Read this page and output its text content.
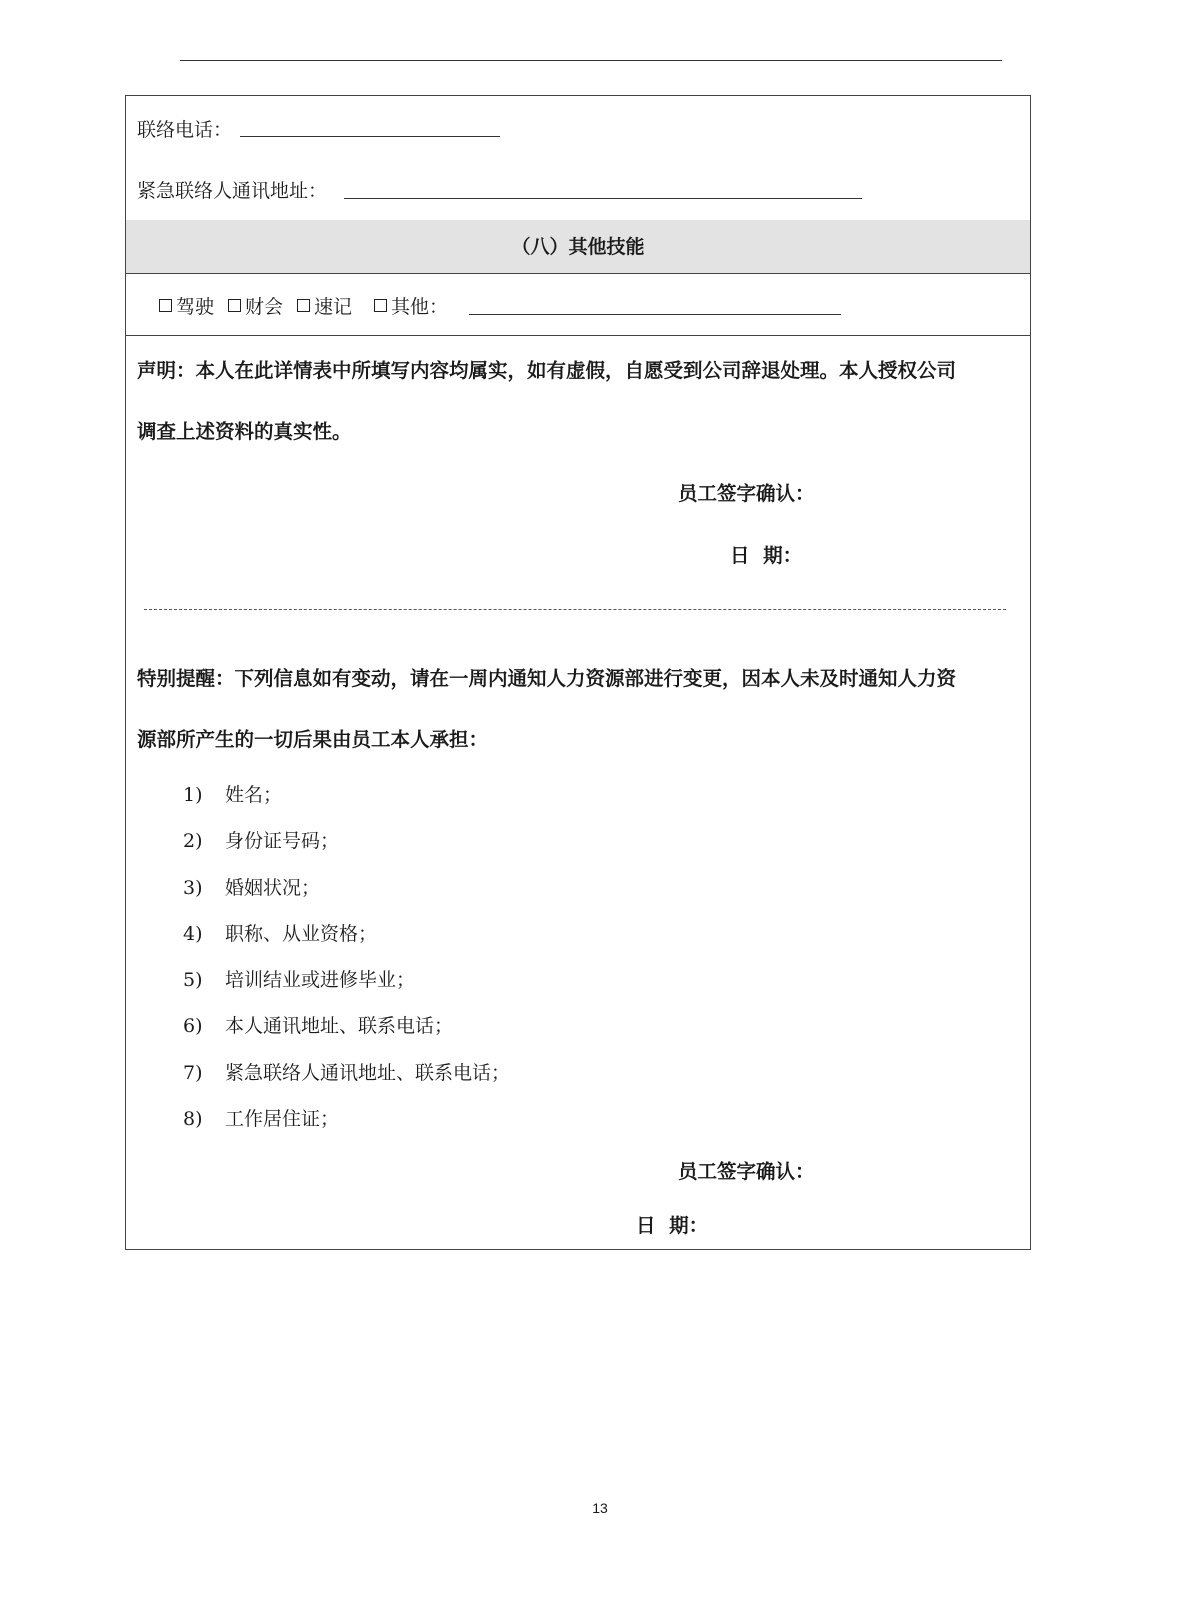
联络电话：
紧急联络人通讯地址：
（八）其他技能
驾驶 财会 速记 其他：
声明：本人在此详情表中所填写内容均属实，如有虚假，自愿受到公司辞退处理。本人授权公司
调查上述资料的真实性。
员工签字确认：
日  期：
特别提醒：下列信息如有变动，请在一周内通知人力资源部进行变更，因本人未及时通知人力资
源部所产生的一切后果由员工本人承担：
1) 姓名；
2) 身份证号码；
3) 婚姻状况；
4) 职称、从业资格；
5) 培训结业或进修毕业；
6) 本人通讯地址、联系电话；
7) 紧急联络人通讯地址、联系电话；
8) 工作居住证；
员工签字确认：
日  期：
13
